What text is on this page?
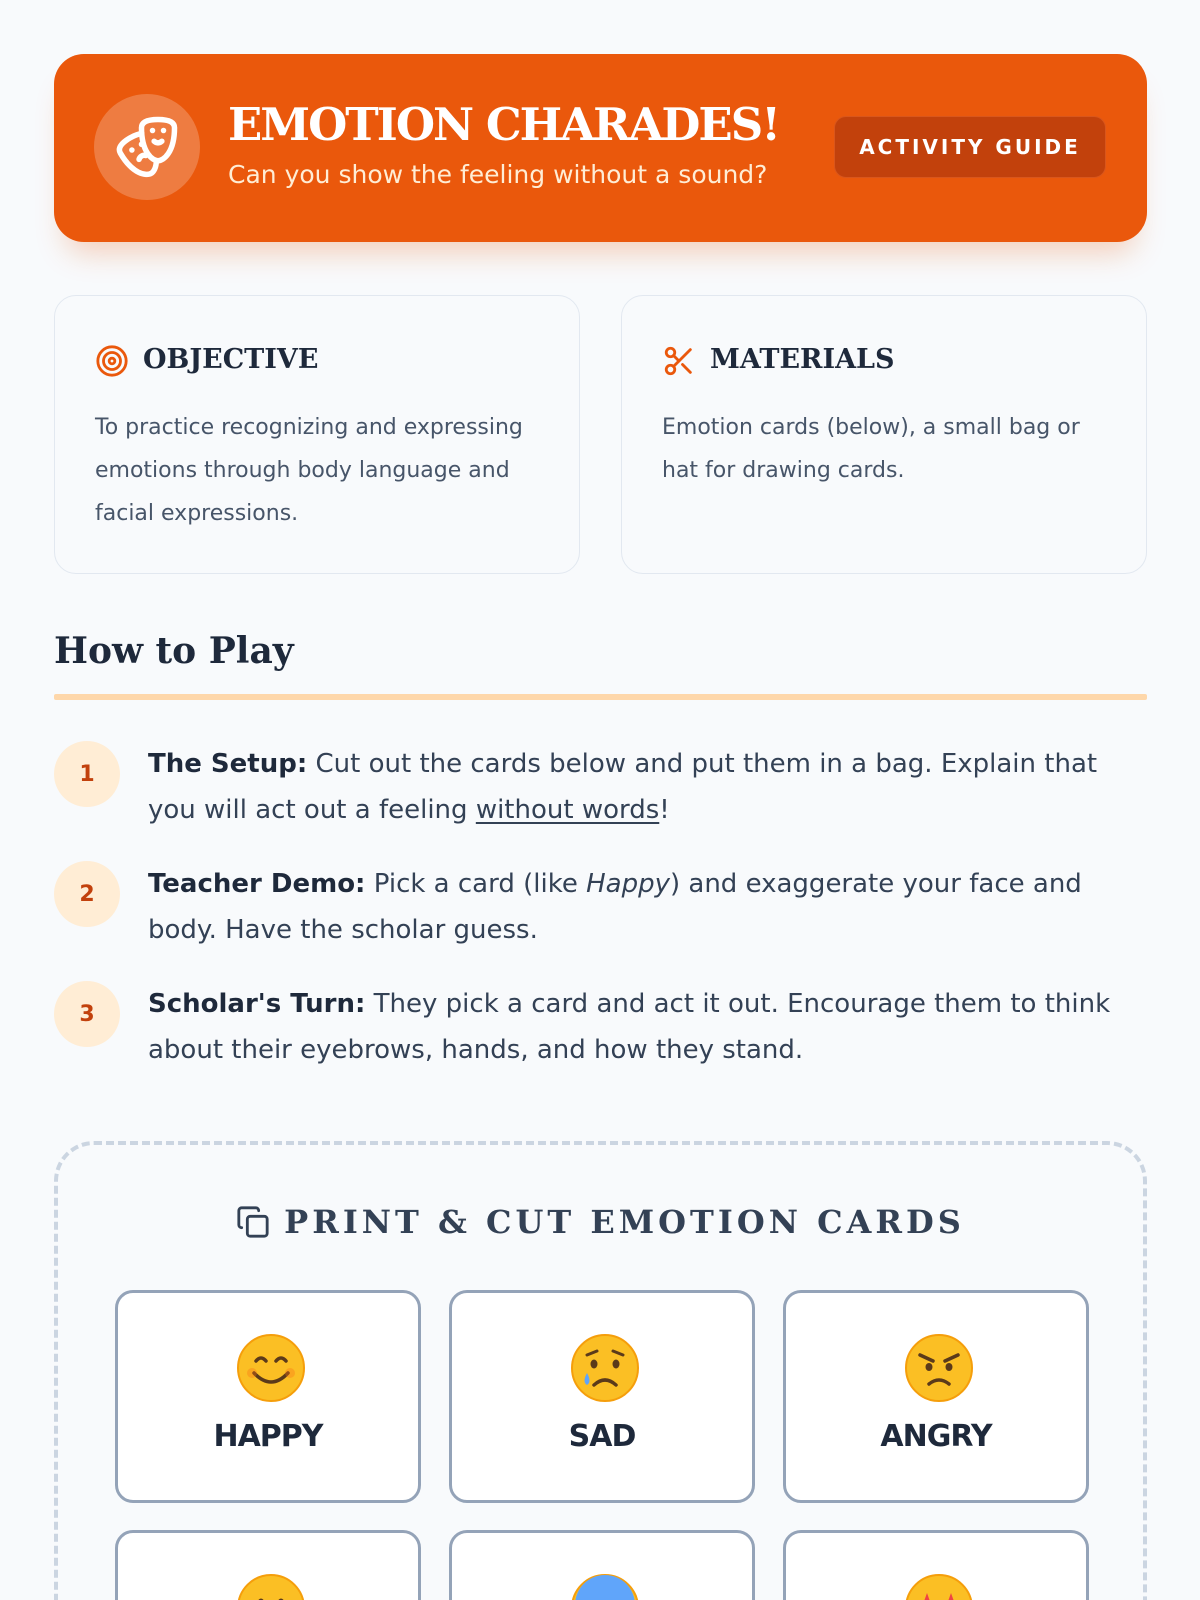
EMOTION CHARADES!
Can you show the feeling without a sound?
ACTIVITY GUIDE
OBJECTIVE
To practice recognizing and expressing emotions through body language and facial expressions.
MATERIALS
Emotion cards (below), a small bag or hat for drawing cards.
How to Play
1	The Setup: Cut out the cards below and put them in a bag. Explain that you will act out a feeling without words!
2	Teacher Demo: Pick a card (like Happy) and exaggerate your face and body. Have the scholar guess.
3	Scholar's Turn: They pick a card and act it out. Encourage them to think about their eyebrows, hands, and how they stand.
PRINT & CUT EMOTION CARDS
HAPPY	SAD	ANGRY
